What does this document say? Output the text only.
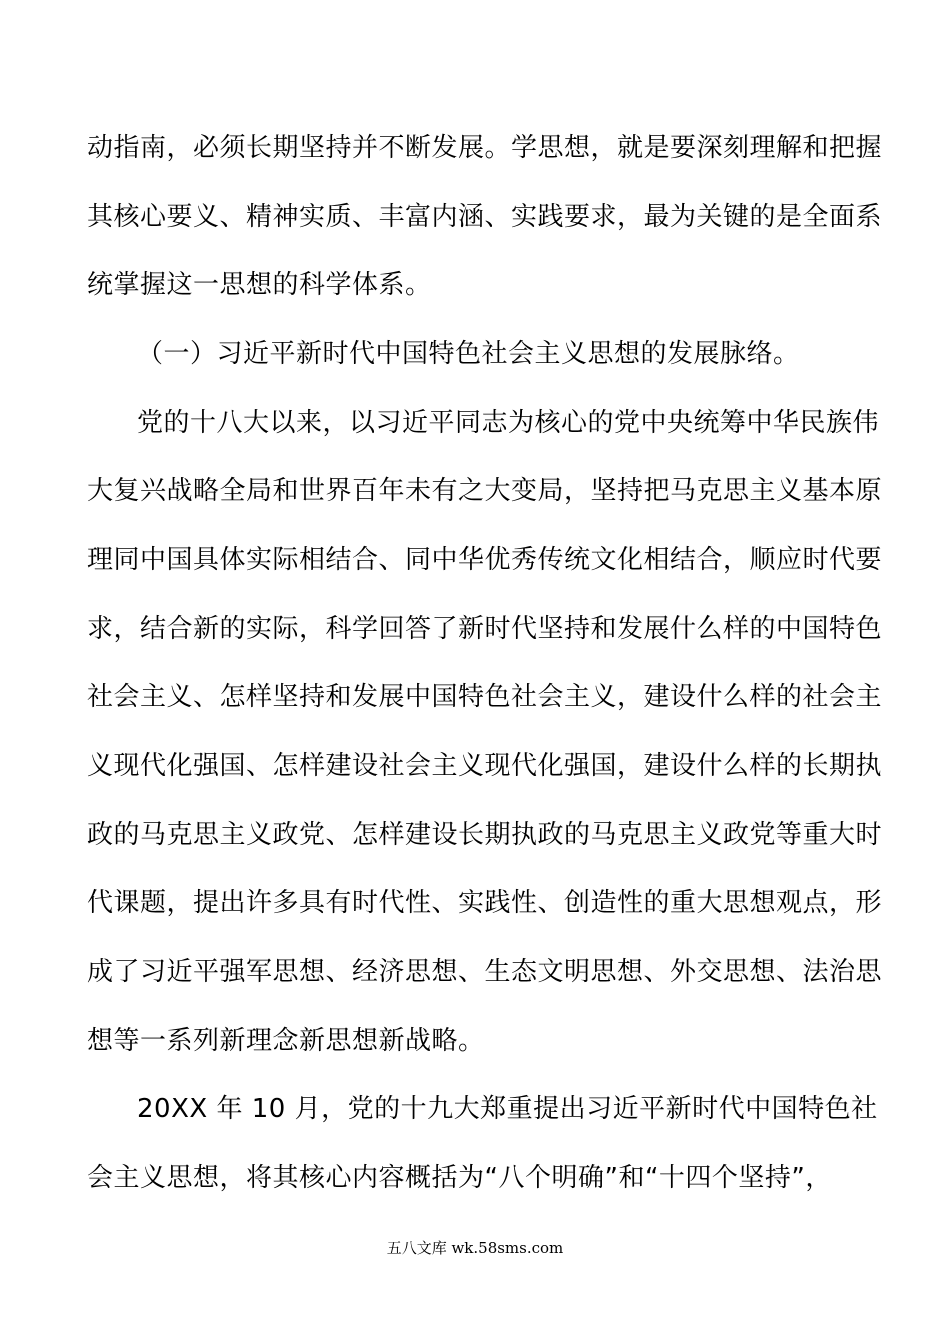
动指南，必须长期坚持并不断发展。学思想，就是要深刻理解和把握
其核心要义、精神实质、丰富内涵、实践要求，最为关键的是全面系
统掌握这一思想的科学体系。
（一）习近平新时代中国特色社会主义思想的发展脉络。
党的十八大以来，以习近平同志为核心的党中央统筹中华民族伟
大复兴战略全局和世界百年未有之大变局，坚持把马克思主义基本原
理同中国具体实际相结合、同中华优秀传统文化相结合，顺应时代要
求，结合新的实际，科学回答了新时代坚持和发展什么样的中国特色
社会主义、怎样坚持和发展中国特色社会主义，建设什么样的社会主
义现代化强国、怎样建设社会主义现代化强国，建设什么样的长期执
政的马克思主义政党、怎样建设长期执政的马克思主义政党等重大时
代课题，提出许多具有时代性、实践性、创造性的重大思想观点，形
成了习近平强军思想、经济思想、生态文明思想、外交思想、法治思
想等一系列新理念新思想新战略。
20XX 年 10 月，党的十九大郑重提出习近平新时代中国特色社
会主义思想，将其核心内容概括为“八个明确”和“十四个坚持”，
五八文库 wk.58sms.com
